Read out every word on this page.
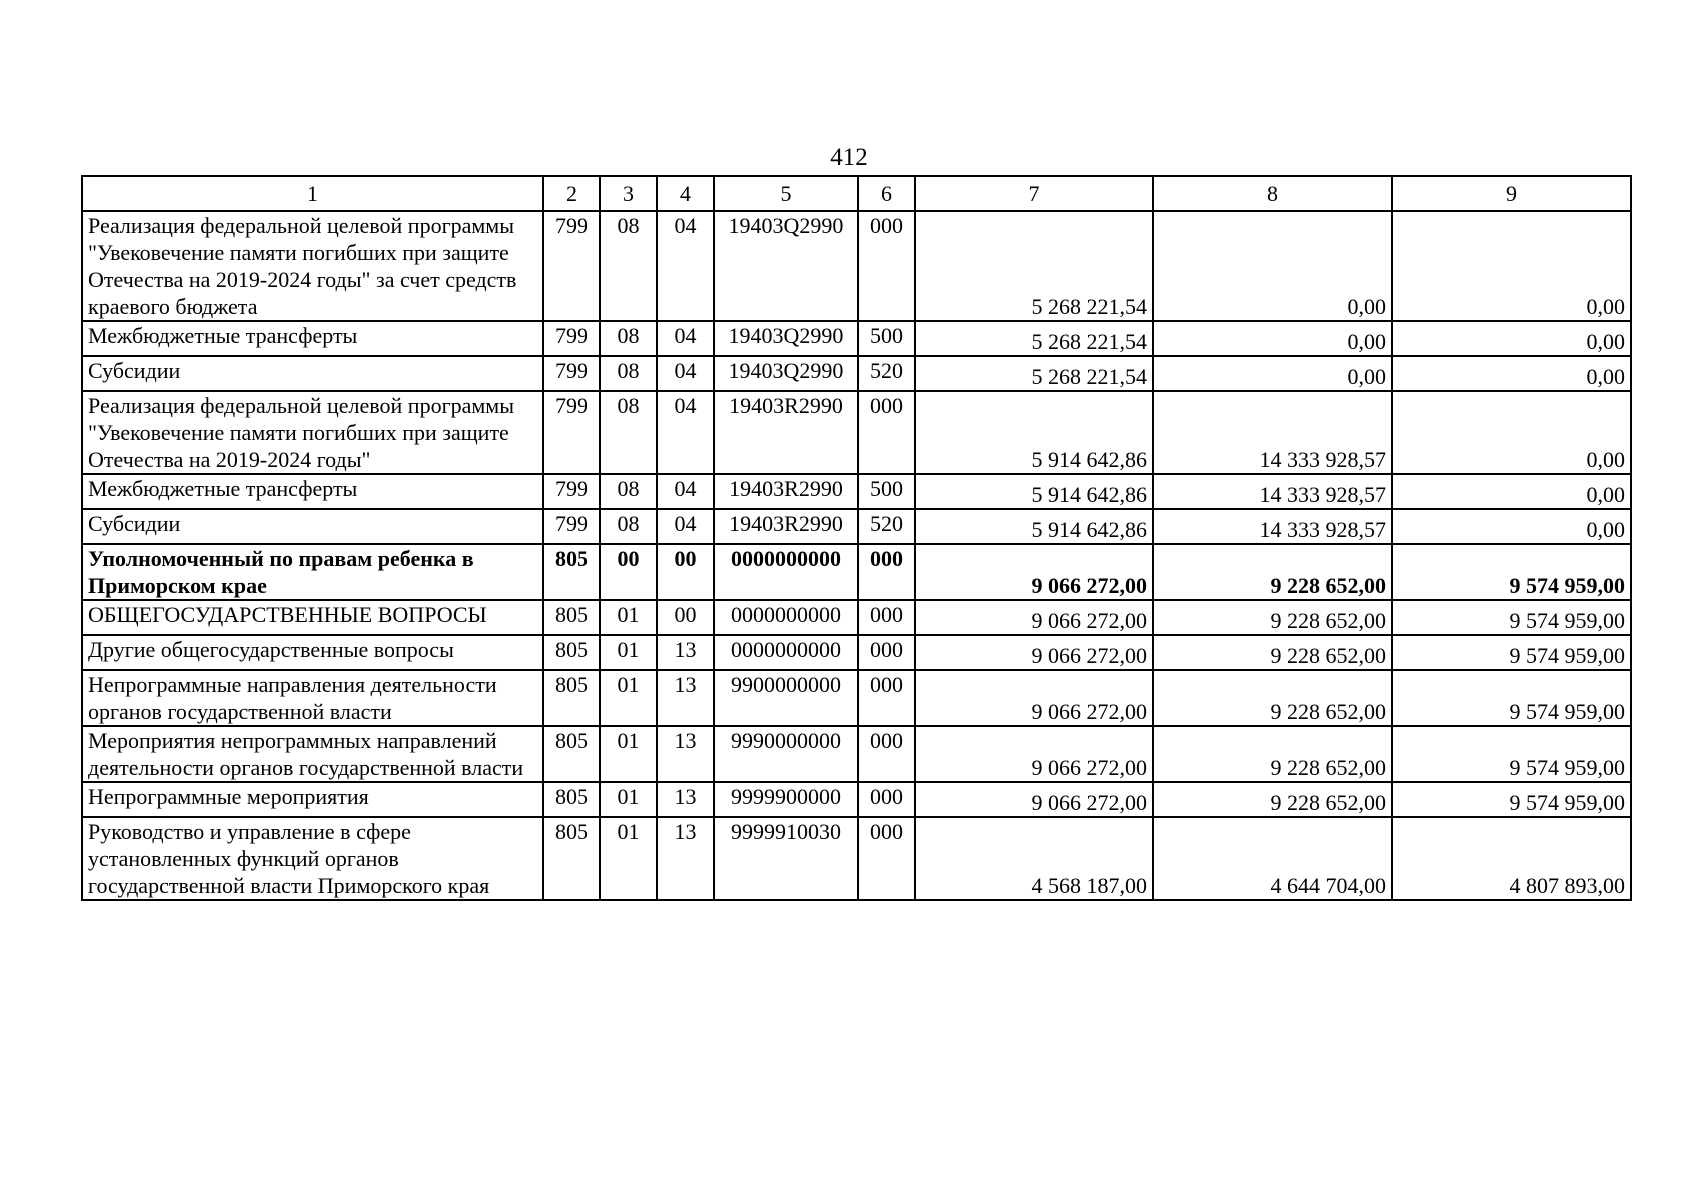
412
1	2	3	4	5	6	7	8	9
Реализация федеральной целевой программы "Увековечение памяти погибших при защите Отечества на 2019-2024 годы" за счет средств краевого бюджета	799	08	04	19403Q2990	000	5 268 221,54	0,00	0,00
Межбюджетные трансферты	799	08	04	19403Q2990	500	5 268 221,54	0,00	0,00
Субсидии	799	08	04	19403Q2990	520	5 268 221,54	0,00	0,00
Реализация федеральной целевой программы "Увековечение памяти погибших при защите Отечества на 2019-2024 годы"	799	08	04	19403R2990	000	5 914 642,86	14 333 928,57	0,00
Межбюджетные трансферты	799	08	04	19403R2990	500	5 914 642,86	14 333 928,57	0,00
Субсидии	799	08	04	19403R2990	520	5 914 642,86	14 333 928,57	0,00
Уполномоченный по правам ребенка в Приморском крае	805	00	00	0000000000	000	9 066 272,00	9 228 652,00	9 574 959,00
ОБЩЕГОСУДАРСТВЕННЫЕ ВОПРОСЫ	805	01	00	0000000000	000	9 066 272,00	9 228 652,00	9 574 959,00
Другие общегосударственные вопросы	805	01	13	0000000000	000	9 066 272,00	9 228 652,00	9 574 959,00
Непрограммные направления деятельности органов государственной власти	805	01	13	9900000000	000	9 066 272,00	9 228 652,00	9 574 959,00
Мероприятия непрограммных направлений деятельности органов государственной власти	805	01	13	9990000000	000	9 066 272,00	9 228 652,00	9 574 959,00
Непрограммные мероприятия	805	01	13	9999900000	000	9 066 272,00	9 228 652,00	9 574 959,00
Руководство и управление в сфере установленных функций органов государственной власти Приморского края	805	01	13	9999910030	000	4 568 187,00	4 644 704,00	4 807 893,00
